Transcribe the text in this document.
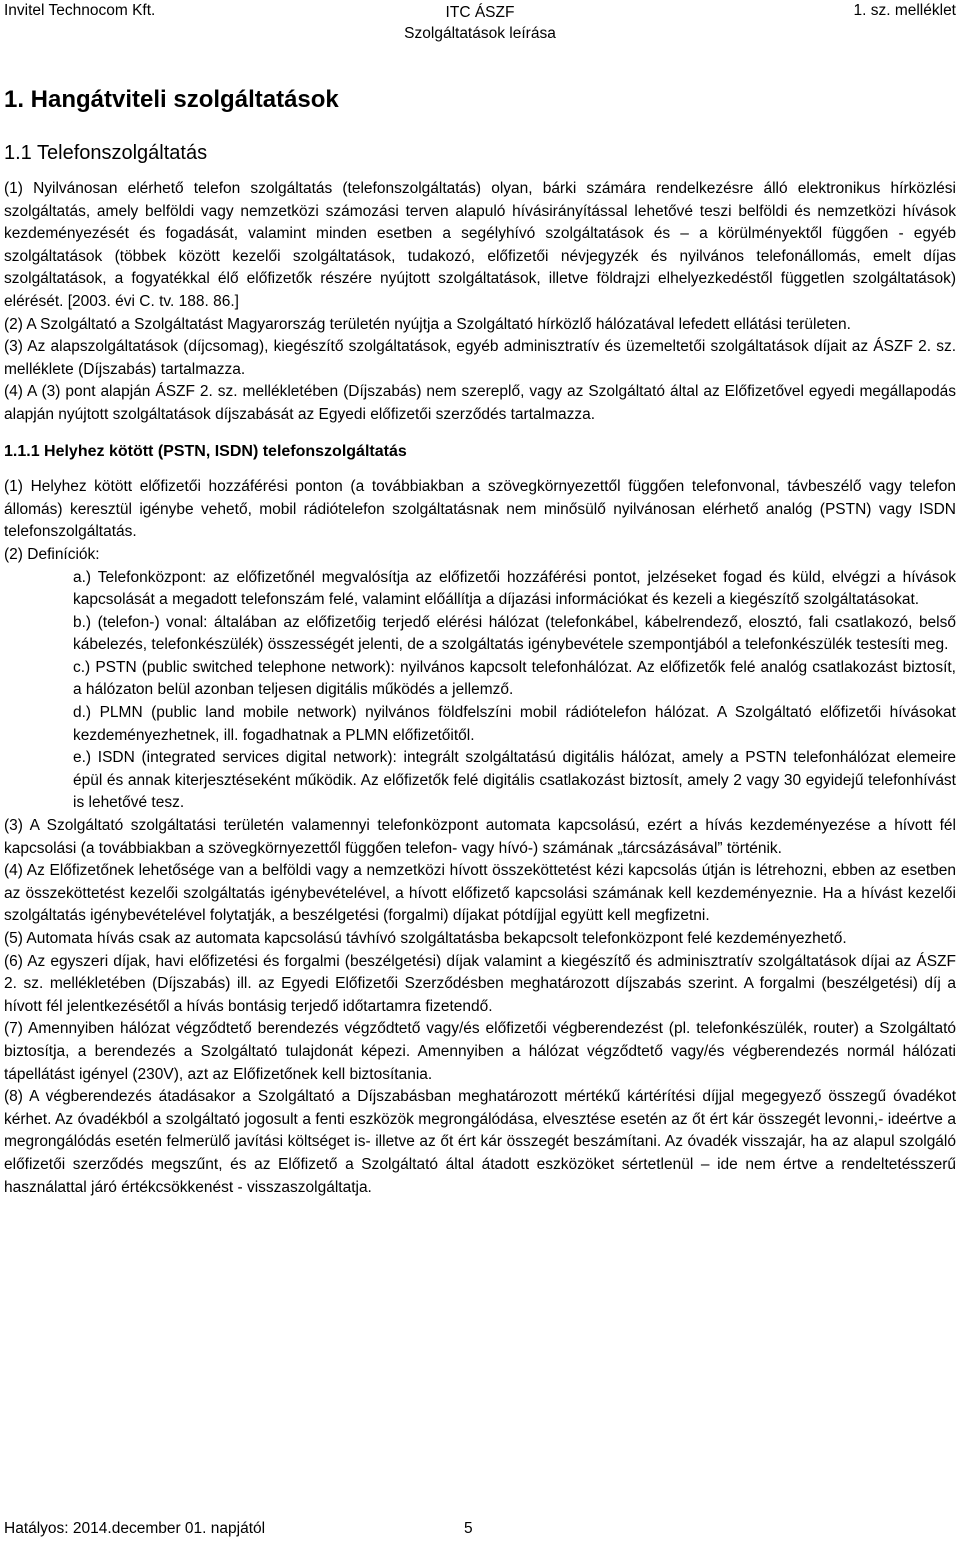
Invitel Technocom Kft.	ITC ÁSZF
Szolgáltatások leírása
1. sz. melléklet
1. Hangátviteli szolgáltatások
1.1 Telefonszolgáltatás

(1) Nyilvánosan elérhető telefon szolgáltatás (telefonszolgáltatás) olyan, bárki számára rendelkezésre álló elektronikus hírközlési szolgáltatás, amely belföldi vagy nemzetközi számozási terven alapuló hívásirányítással lehetővé teszi belföldi és nemzetközi hívások kezdeményezését és fogadását, valamint minden esetben a segélyhívó szolgáltatások és – a körülményektől függően - egyéb szolgáltatások (többek között kezelői szolgáltatások, tudakozó, előfizetői névjegyzék és nyilvános telefonállomás, emelt díjas szolgáltatások, a fogyatékkal élő előfizetők részére nyújtott szolgáltatások, illetve földrajzi elhelyezkedéstől független szolgáltatások) elérését. [2003. évi C. tv. 188. 86.]

(2) A Szolgáltató a Szolgáltatást Magyarország területén nyújtja a Szolgáltató hírközlő hálózatával lefedett ellátási területen.

(3) Az alapszolgáltatások (díjcsomag), kiegészítő szolgáltatások, egyéb adminisztratív és üzemeltetői szolgáltatások díjait az ÁSZF 2. sz. melléklete (Díjszabás) tartalmazza.

(4) A (3) pont alapján ÁSZF 2. sz. mellékletében (Díjszabás) nem szereplő, vagy az Szolgáltató által az Előfizetővel egyedi megállapodás alapján nyújtott szolgáltatások díjszabását az Egyedi előfizetői szerződés tartalmazza.

1.1.1 Helyhez kötött (PSTN, ISDN) telefonszolgáltatás

(1) Helyhez kötött előfizetői hozzáférési ponton (a továbbiakban a szövegkörnyezettől függően telefonvonal, távbeszélő vagy telefon állomás) keresztül igénybe vehető, mobil rádiótelefon szolgáltatásnak nem minősülő nyilvánosan elérhető analóg (PSTN) vagy ISDN telefonszolgáltatás.

(2) Definíciók:

a.) Telefonközpont: az előfizetőnél megvalósítja az előfizetői hozzáférési pontot, jelzéseket fogad és küld, elvégzi a hívások kapcsolását a megadott telefonszám felé, valamint előállítja a díjazási információkat és kezeli a kiegészítő szolgáltatásokat.

b.) (telefon-) vonal: általában az előfizetőig terjedő elérési hálózat (telefonkábel, kábelrendező, elosztó, fali csatlakozó, belső kábelezés, telefonkészülék) összességét jelenti, de a szolgáltatás igénybevétele szempontjából a telefonkészülék testesíti meg.

c.) PSTN (public switched telephone network): nyilvános kapcsolt telefonhálózat. Az előfizetők felé analóg csatlakozást biztosít, a hálózaton belül azonban teljesen digitális működés a jellemző.

d.) PLMN (public land mobile network) nyilvános földfelszíni mobil rádiótelefon hálózat. A Szolgáltató előfizetői hívásokat kezdeményezhetnek, ill. fogadhatnak a PLMN előfizetőitől.

e.) ISDN (integrated services digital network): integrált szolgáltatású digitális hálózat, amely a PSTN telefonhálózat elemeire épül és annak kiterjesztéseként működik. Az előfizetők felé digitális csatlakozást biztosít, amely 2 vagy 30 egyidejű telefonhívást is lehetővé tesz.

(3) A Szolgáltató szolgáltatási területén valamennyi telefonközpont automata kapcsolású, ezért a hívás kezdeményezése a hívott fél kapcsolási (a továbbiakban a szövegkörnyezettől függően telefon- vagy hívó-) számának „tárcsázásával” történik.

(4) Az Előfizetőnek lehetősége van a belföldi vagy a nemzetközi hívott összeköttetést kézi kapcsolás útján is létrehozni, ebben az esetben az összeköttetést kezelői szolgáltatás igénybevételével, a hívott előfizető kapcsolási számának kell kezdeményeznie. Ha a hívást kezelői szolgáltatás igénybevételével folytatják, a beszélgetési (forgalmi) díjakat pótdíjjal együtt kell megfizetni.

(5) Automata hívás csak az automata kapcsolású távhívó szolgáltatásba bekapcsolt telefonközpont felé kezdeményezhető.

(6) Az egyszeri díjak, havi előfizetési és forgalmi (beszélgetési) díjak valamint a kiegészítő és adminisztratív szolgáltatások díjai az ÁSZF 2. sz. mellékletében (Díjszabás) ill. az Egyedi Előfizetői Szerződésben meghatározott díjszabás szerint. A forgalmi (beszélgetési) díj a hívott fél jelentkezésétől a hívás bontásig terjedő időtartamra fizetendő.

(7) Amennyiben hálózat végződtető berendezés végződtető vagy/és előfizetői végberendezést (pl. telefonkészülék, router) a Szolgáltató biztosítja, a berendezés a Szolgáltató tulajdonát képezi. Amennyiben a hálózat végződtető vagy/és végberendezés normál hálózati tápellátást igényel (230V), azt az Előfizetőnek kell biztosítania.

(8) A végberendezés átadásakor a Szolgáltató a Díjszabásban meghatározott mértékű kártérítési díjjal megegyező összegű óvadékot kérhet. Az óvadékból a szolgáltató jogosult a fenti eszközök megrongálódása, elvesztése esetén az őt ért kár összegét levonni,- ideértve a megrongálódás esetén felmerülő javítási költséget is- illetve az őt ért kár összegét beszámítani. Az óvadék visszajár, ha az alapul szolgáló előfizetői szerződés megszűnt, és az Előfizető a Szolgáltató által átadott eszközöket sértetlenül – ide nem értve a rendeltetésszerű használattal járó értékcsökkenést - visszaszolgáltatja.

Hatályos: 2014.december 01. napjától	5
